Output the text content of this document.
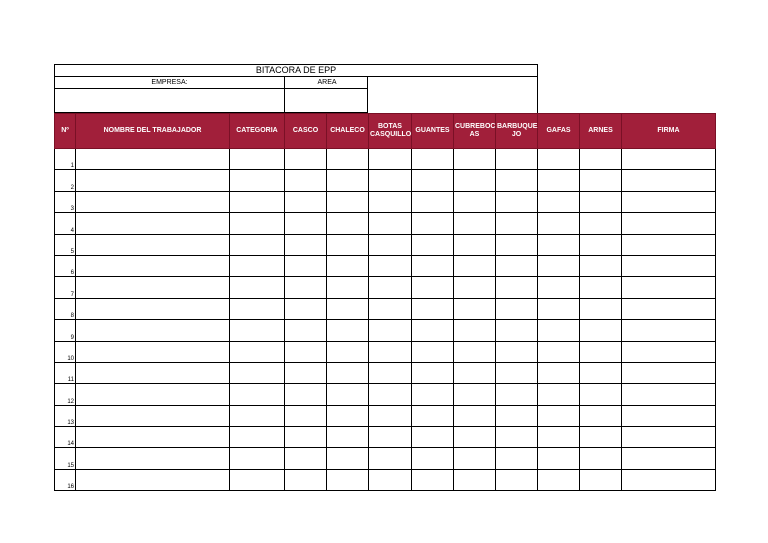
BITACORA DE EPP
EMPRESA:	AREA
Nº	NOMBRE DEL TRABAJADOR	CATEGORIA	CASCO	CHALECO	BOTAS CASQUILLO	GUANTES	CUBREBOC AS	BARBUQUE JO	GAFAS	ARNES	FIRMA
1											
2											
3											
4											
5											
6											
7											
8											
9											
10											
11											
12											
13											
14											
15											
16											
